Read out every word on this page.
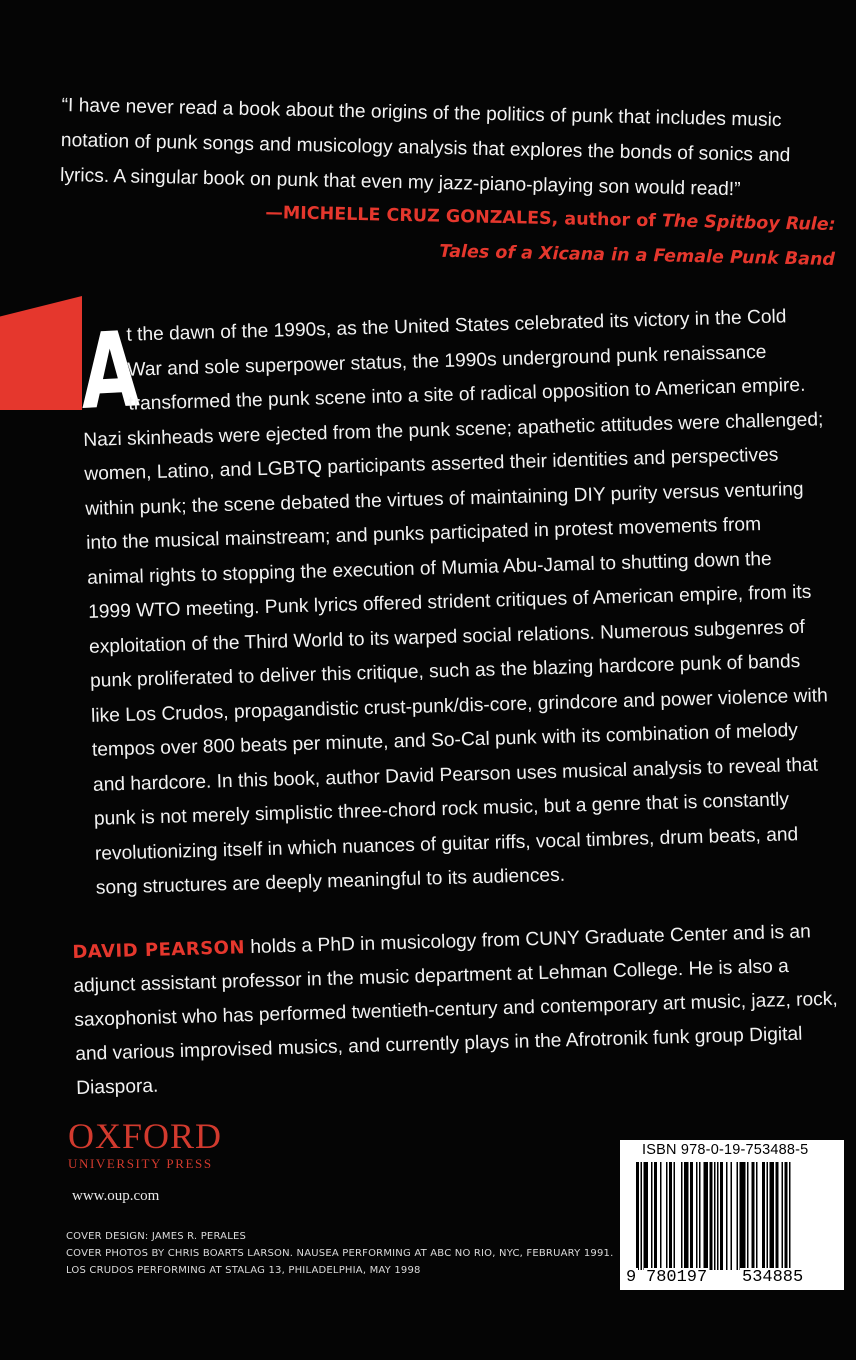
“I have never read a book about the origins of the politics of punk that includes music
notation of punk songs and musicology analysis that explores the bonds of sonics and
lyrics. A singular book on punk that even my jazz-piano-playing son would read!”
—MICHELLE CRUZ GONZALES, author of The Spitboy Rule:
Tales of a Xicana in a Female Punk Band
A
t the dawn of the 1990s, as the United States celebrated its victory in the Cold
War and sole superpower status, the 1990s underground punk renaissance
transformed the punk scene into a site of radical opposition to American empire.
Nazi skinheads were ejected from the punk scene; apathetic attitudes were challenged;
women, Latino, and LGBTQ participants asserted their identities and perspectives
within punk; the scene debated the virtues of maintaining DIY purity versus venturing
into the musical mainstream; and punks participated in protest movements from
animal rights to stopping the execution of Mumia Abu-Jamal to shutting down the
1999 WTO meeting. Punk lyrics offered strident critiques of American empire, from its
exploitation of the Third World to its warped social relations. Numerous subgenres of
punk proliferated to deliver this critique, such as the blazing hardcore punk of bands
like Los Crudos, propagandistic crust-punk/dis-core, grindcore and power violence with
tempos over 800 beats per minute, and So-Cal punk with its combination of melody
and hardcore. In this book, author David Pearson uses musical analysis to reveal that
punk is not merely simplistic three-chord rock music, but a genre that is constantly
revolutionizing itself in which nuances of guitar riffs, vocal timbres, drum beats, and
song structures are deeply meaningful to its audiences.
DAVID PEARSON holds a PhD in musicology from CUNY Graduate Center and is an
adjunct assistant professor in the music department at Lehman College. He is also a
saxophonist who has performed twentieth-century and contemporary art music, jazz, rock,
and various improvised musics, and currently plays in the Afrotronik funk group Digital
Diaspora.
OXFORD
UNIVERSITY PRESS
www.oup.com
COVER DESIGN: JAMES R. PERALES
COVER PHOTOS BY CHRIS BOARTS LARSON. NAUSEA PERFORMING AT ABC NO RIO, NYC, FEBRUARY 1991.
LOS CRUDOS PERFORMING AT STALAG 13, PHILADELPHIA, MAY 1998
ISBN 978-0-19-753488-5
9 780197 534885
